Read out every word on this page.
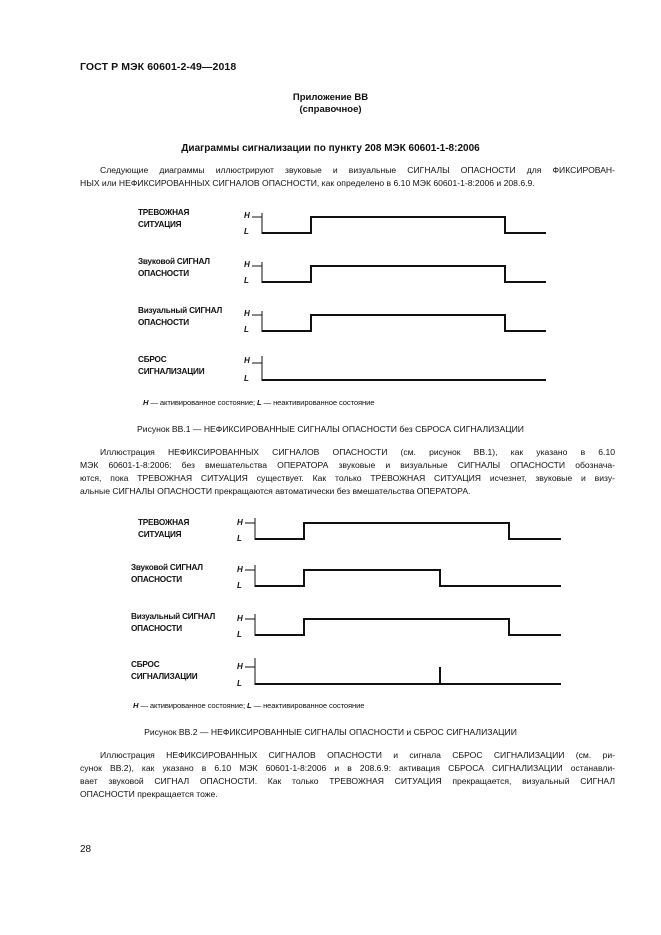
ГОСТ Р МЭК 60601-2-49—2018
Приложение ВВ
(справочное)
Диаграммы сигнализации по пункту 208 МЭК 60601-1-8:2006

Следующие диаграммы иллюстрируют звуковые и визуальные СИГНАЛЫ ОПАСНОСТИ для ФИКСИРОВАН-

НЫХ или НЕФИКСИРОВАННЫХ СИГНАЛОВ ОПАСНОСТИ, как определено в 6.10 МЭК 60601-1-8:2006 и 208.6.9.

ТРЕВОЖНАЯ
СИТУАЦИЯ
Звуковой СИГНАЛ
ОПАСНОСТИ
Визуальный СИГНАЛ
ОПАСНОСТИ
СБРОС
СИГНАЛИЗАЦИИ
H
L
H
L
H
L
H
L
H — активированное состояние; L — неактивированное состояние
Рисунок ВВ.1 — НЕФИКСИРОВАННЫЕ СИГНАЛЫ ОПАСНОСТИ без СБРОСА СИГНАЛИЗАЦИИ

Иллюстрация НЕФИКСИРОВАННЫХ СИГНАЛОВ ОПАСНОСТИ (см. рисунок ВВ.1), как указано в 6.10

МЭК 60601-1-8:2006: без вмешательства ОПЕРАТОРА звуковые и визуальные СИГНАЛЫ ОПАСНОСТИ обознача-

ются, пока ТРЕВОЖНАЯ СИТУАЦИЯ существует. Как только ТРЕВОЖНАЯ СИТУАЦИЯ исчезнет, звуковые и визу-

альные СИГНАЛЫ ОПАСНОСТИ прекращаются автоматически без вмешательства ОПЕРАТОРА.

ТРЕВОЖНАЯ
СИТУАЦИЯ
Звуковой СИГНАЛ
ОПАСНОСТИ
Визуальный СИГНАЛ
ОПАСНОСТИ
СБРОС
СИГНАЛИЗАЦИИ
H
L
H
L
H
L
H
L
H — активированное состояние; L — неактивированное состояние
Рисунок ВВ.2 — НЕФИКСИРОВАННЫЕ СИГНАЛЫ ОПАСНОСТИ и СБРОС СИГНАЛИЗАЦИИ

Иллюстрация НЕФИКСИРОВАННЫХ СИГНАЛОВ ОПАСНОСТИ и сигнала СБРОС СИГНАЛИЗАЦИИ (см. ри-

сунок ВВ.2), как указано в 6.10 МЭК 60601-1-8:2006 и в 208.6.9: активация СБРОСА СИГНАЛИЗАЦИИ останавли-

вает звуковой СИГНАЛ ОПАСНОСТИ. Как только ТРЕВОЖНАЯ СИТУАЦИЯ прекращается, визуальный СИГНАЛ

ОПАСНОСТИ прекращается тоже.

28
